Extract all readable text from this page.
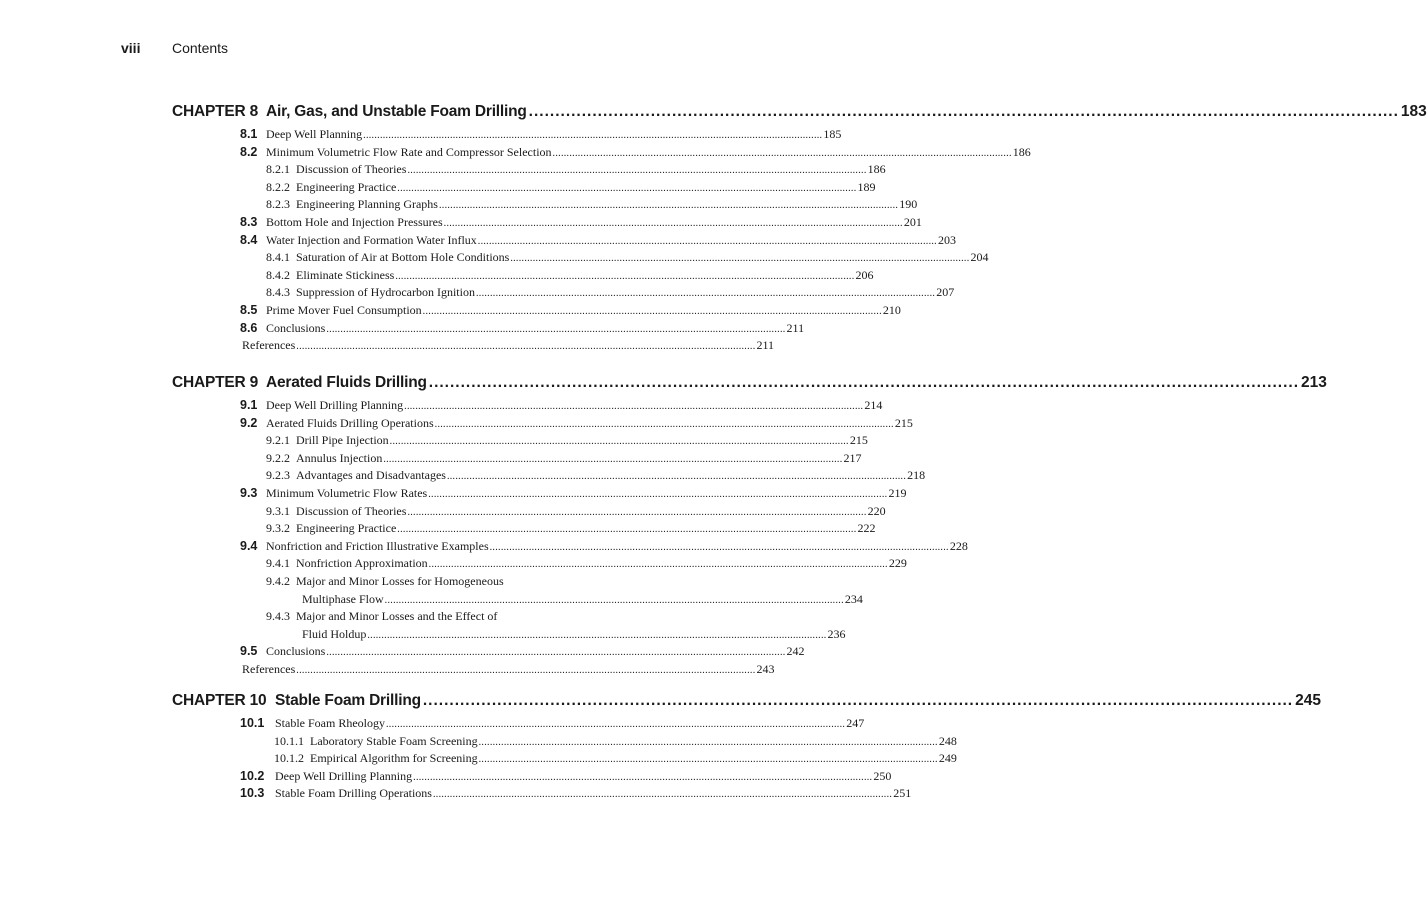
viii Contents
CHAPTER 8 Air, Gas, and Unstable Foam Drilling .................................................................................................................................................................... 183
8.1 Deep Well Planning .................................................................................................................................................................... 185
8.2 Minimum Volumetric Flow Rate and Compressor Selection .................................................................................................................................................................... 186
8.2.1 Discussion of Theories .................................................................................................................................................................... 186
8.2.2 Engineering Practice .................................................................................................................................................................... 189
8.2.3 Engineering Planning Graphs .................................................................................................................................................................... 190
8.3 Bottom Hole and Injection Pressures .................................................................................................................................................................... 201
8.4 Water Injection and Formation Water Influx .................................................................................................................................................................... 203
8.4.1 Saturation of Air at Bottom Hole Conditions .................................................................................................................................................................... 204
8.4.2 Eliminate Stickiness .................................................................................................................................................................... 206
8.4.3 Suppression of Hydrocarbon Ignition .................................................................................................................................................................... 207
8.5 Prime Mover Fuel Consumption .................................................................................................................................................................... 210
8.6 Conclusions .................................................................................................................................................................... 211
References .................................................................................................................................................................... 211
CHAPTER 9 Aerated Fluids Drilling .................................................................................................................................................................... 213
9.1 Deep Well Drilling Planning .................................................................................................................................................................... 214
9.2 Aerated Fluids Drilling Operations .................................................................................................................................................................... 215
9.2.1 Drill Pipe Injection .................................................................................................................................................................... 215
9.2.2 Annulus Injection .................................................................................................................................................................... 217
9.2.3 Advantages and Disadvantages .................................................................................................................................................................... 218
9.3 Minimum Volumetric Flow Rates .................................................................................................................................................................... 219
9.3.1 Discussion of Theories .................................................................................................................................................................... 220
9.3.2 Engineering Practice .................................................................................................................................................................... 222
9.4 Nonfriction and Friction Illustrative Examples .................................................................................................................................................................... 228
9.4.1 Nonfriction Approximation .................................................................................................................................................................... 229
9.4.2 Major and Minor Losses for Homogeneous
Multiphase Flow .................................................................................................................................................................... 234
9.4.3 Major and Minor Losses and the Effect of
Fluid Holdup .................................................................................................................................................................... 236
9.5 Conclusions .................................................................................................................................................................... 242
References .................................................................................................................................................................... 243
CHAPTER 10 Stable Foam Drilling .................................................................................................................................................................... 245
10.1 Stable Foam Rheology .................................................................................................................................................................... 247
10.1.1 Laboratory Stable Foam Screening .................................................................................................................................................................... 248
10.1.2 Empirical Algorithm for Screening .................................................................................................................................................................... 249
10.2 Deep Well Drilling Planning .................................................................................................................................................................... 250
10.3 Stable Foam Drilling Operations .................................................................................................................................................................... 251
